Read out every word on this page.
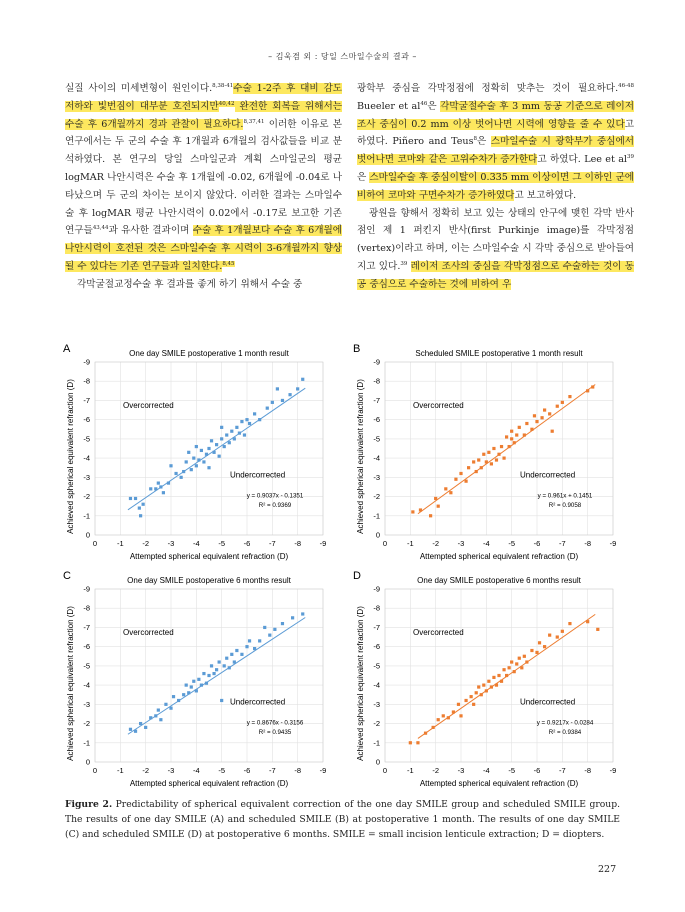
– 김욱겸 외 : 당일 스마일수술의 결과 –

실질 사이의 미세변형이 원인이다.$^{8,38-41}$수술 1-2주 후 대비 감도 저하와 빛번짐이 대부분 호전되지만$^{40,42}$ 완전한 회복을 위해서는 수술 후 6개월까지 경과 관찰이 필요하다.$^{8,37,41}$ 이러한 이유로 본 연구에서는 두 군의 수술 후 1개월과 6개월의 검사값들을 비교 분석하였다. 본 연구의 당일 스마일군과 계획 스마일군의 평균 logMAR 나안시력은 수술 후 1개월에 -0.02, 6개월에 -0.04로 나타났으며 두 군의 차이는 보이지 않았다. 이러한 결과는 스마일수술 후 logMAR 평균 나안시력이 0.02에서 -0.17로 보고한 기존 연구들$^{43,44}$과 유사한 결과이며 수술 후 1개월보다 수술 후 6개월에 나안시력이 호전된 것은 스마일수술 후 시력이 3-6개월까지 향상될 수 있다는 기존 연구들과 일치한다.$^{8,45}$

각막굴절교정수술 후 결과를 좋게 하기 위해서 수술 중

광학부 중심을 각막정점에 정확히 맞추는 것이 필요하다.$^{46-48}$ Bueeler et $al^{46}$은 각막굴절수술 후 3 mm 동공 기준으로 레이저 조사 중심이 0.2 mm 이상 벗어나면 시력에 영향을 줄 수 있다고 하였다. Piñero and Teus$^8$은 스마일수술 시 광학부가 중심에서 벗어나면 코마와 같은 고위수차가 증가한다고 하였다. Lee et $al^{39}$은 스마일수술 후 중심이탈이 0.335 mm 이상이면 그 이하인 군에 비하여 코마와 구면수차가 증가하였다고 보고하였다.

광원을 향해서 정확히 보고 있는 상태의 안구에 맺힌 각막 반사점인 제 1 퍼킨지 반사(first Purkinje image)를 각막정점(vertex)이라고 하며, 이는 스마일수술 시 각막 중심으로 받아들여지고 있다.$^{39}$ 레이저 조사의 중심을 각막정점으로 수술하는 것이 동공 중심으로 수술하는 것에 비하여 우

A	One day SMILE postoperative 1 month result
0	-1 -2 -3 -4 -5 -6 -7 -8 -9
0
-1
-2
-3
-4
-5
-6
-7
-8
-9
Attempted spherical equivalent refraction (D)
Achieved spherical equivalent refraction (D)	Overcorrected
Undercorrected
y = 0.9037x - 0.1351
R² = 0.9369
B	Scheduled SMILE postoperative 1 month result
0	-1 -2 -3 -4 -5 -6 -7 -8 -9
0
-1
-2
-3
-4
-5
-6
-7
-8
-9
Attempted spherical equivalent refraction (D)
Achieved spherical equivalent refraction (D)	Overcorrected
Undercorrected
y = 0.961x + 0.1451
R² = 0.9058
C	One day SMILE postoperative 6 months result
0	-1 -2 -3 -4 -5 -6 -7 -8 -9
0
-1
-2
-3
-4
-5
-6
-7
-8
-9
Attempted spherical equivalent refraction (D)
Achieved spherical equivalent refraction (D)	Overcorrected
Undercorrected
y = 0.8676x - 0.3156
R² = 0.9435
D	One day SMILE postoperative 6 months result
0	-1 -2 -3 -4 -5 -6 -7 -8 -9
0
-1
-2
-3
-4
-5
-6
-7
-8
-9
Attempted spherical equivalent refraction (D)
Achieved spherical equivalent refraction (D)	Overcorrected
Undercorrected
y = 0.9217x - 0.0284
R² = 0.9384
Figure 2. Predictability of spherical equivalent correction of the one day SMILE group and scheduled SMILE group. The results of one day SMILE (A) and scheduled SMILE (B) at postoperative 1 month. The results of one day SMILE (C) and scheduled SMILE (D) at postoperative 6 months. SMILE = small incision lenticule extraction; D = diopters.
227
